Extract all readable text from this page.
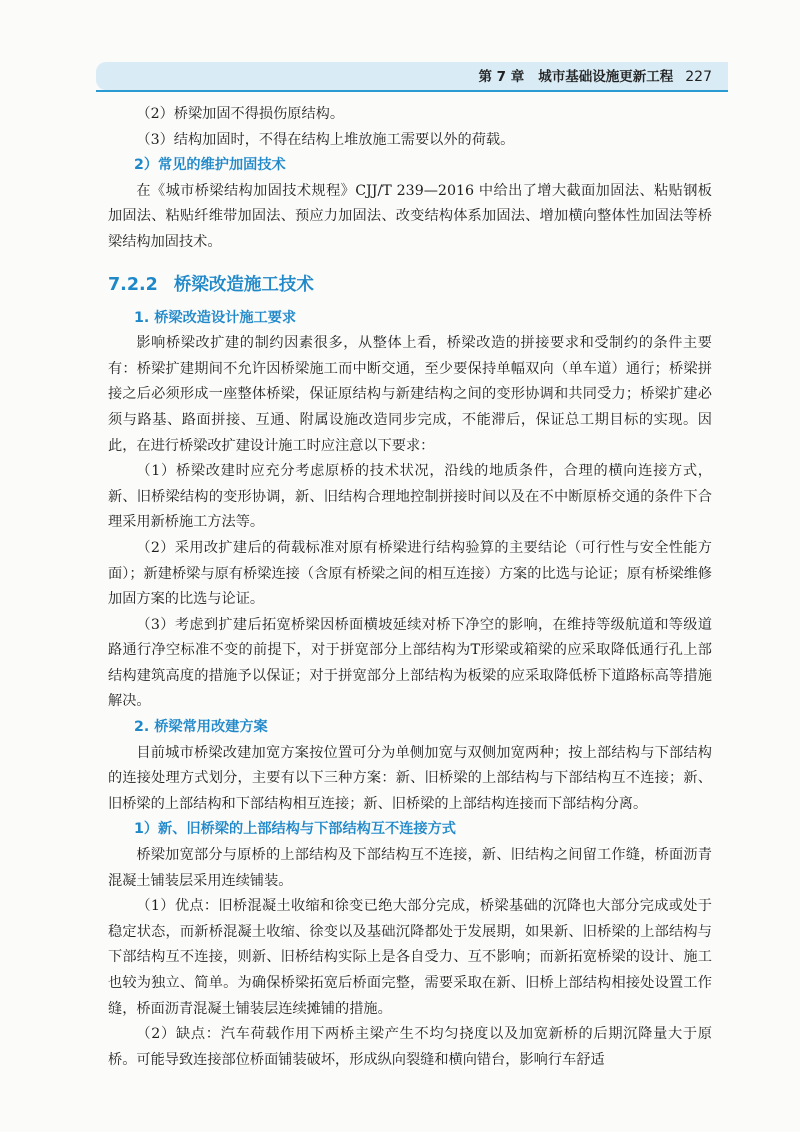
第 7 章 城市基础设施更新工程 227

（2）桥梁加固不得损伤原结构。

（3）结构加固时，不得在结构上堆放施工需要以外的荷载。

2）常见的维护加固技术

在《城市桥梁结构加固技术规程》CJJ/T 239—2016 中给出了增大截面加固法、粘贴钢板加固法、粘贴纤维带加固法、预应力加固法、改变结构体系加固法、增加横向整体性加固法等桥梁结构加固技术。

7.2.2 桥梁改造施工技术
1. 桥梁改造设计施工要求

影响桥梁改扩建的制约因素很多，从整体上看，桥梁改造的拼接要求和受制约的条件主要有：桥梁扩建期间不允许因桥梁施工而中断交通，至少要保持单幅双向（单车道）通行；桥梁拼接之后必须形成一座整体桥梁，保证原结构与新建结构之间的变形协调和共同受力；桥梁扩建必须与路基、路面拼接、互通、附属设施改造同步完成，不能滞后，保证总工期目标的实现。因此，在进行桥梁改扩建设计施工时应注意以下要求：

（1）桥梁改建时应充分考虑原桥的技术状况，沿线的地质条件，合理的横向连接方式，新、旧桥梁结构的变形协调，新、旧结构合理地控制拼接时间以及在不中断原桥交通的条件下合理采用新桥施工方法等。

（2）采用改扩建后的荷载标准对原有桥梁进行结构验算的主要结论（可行性与安全性能方面）；新建桥梁与原有桥梁连接（含原有桥梁之间的相互连接）方案的比选与论证；原有桥梁维修加固方案的比选与论证。

（3）考虑到扩建后拓宽桥梁因桥面横坡延续对桥下净空的影响，在维持等级航道和等级道路通行净空标准不变的前提下，对于拼宽部分上部结构为T形梁或箱梁的应采取降低通行孔上部结构建筑高度的措施予以保证；对于拼宽部分上部结构为板梁的应采取降低桥下道路标高等措施解决。

2. 桥梁常用改建方案

目前城市桥梁改建加宽方案按位置可分为单侧加宽与双侧加宽两种；按上部结构与下部结构的连接处理方式划分，主要有以下三种方案：新、旧桥梁的上部结构与下部结构互不连接；新、旧桥梁的上部结构和下部结构相互连接；新、旧桥梁的上部结构连接而下部结构分离。

1）新、旧桥梁的上部结构与下部结构互不连接方式

桥梁加宽部分与原桥的上部结构及下部结构互不连接，新、旧结构之间留工作缝，桥面沥青混凝土铺装层采用连续铺装。

（1）优点：旧桥混凝土收缩和徐变已绝大部分完成，桥梁基础的沉降也大部分完成或处于稳定状态，而新桥混凝土收缩、徐变以及基础沉降都处于发展期，如果新、旧桥梁的上部结构与下部结构互不连接，则新、旧桥结构实际上是各自受力、互不影响；而新拓宽桥梁的设计、施工也较为独立、简单。为确保桥梁拓宽后桥面完整，需要采取在新、旧桥上部结构相接处设置工作缝，桥面沥青混凝土铺装层连续摊铺的措施。

（2）缺点：汽车荷载作用下两桥主梁产生不均匀挠度以及加宽新桥的后期沉降量大于原桥。可能导致连接部位桥面铺装破坏，形成纵向裂缝和横向错台，影响行车舒适
